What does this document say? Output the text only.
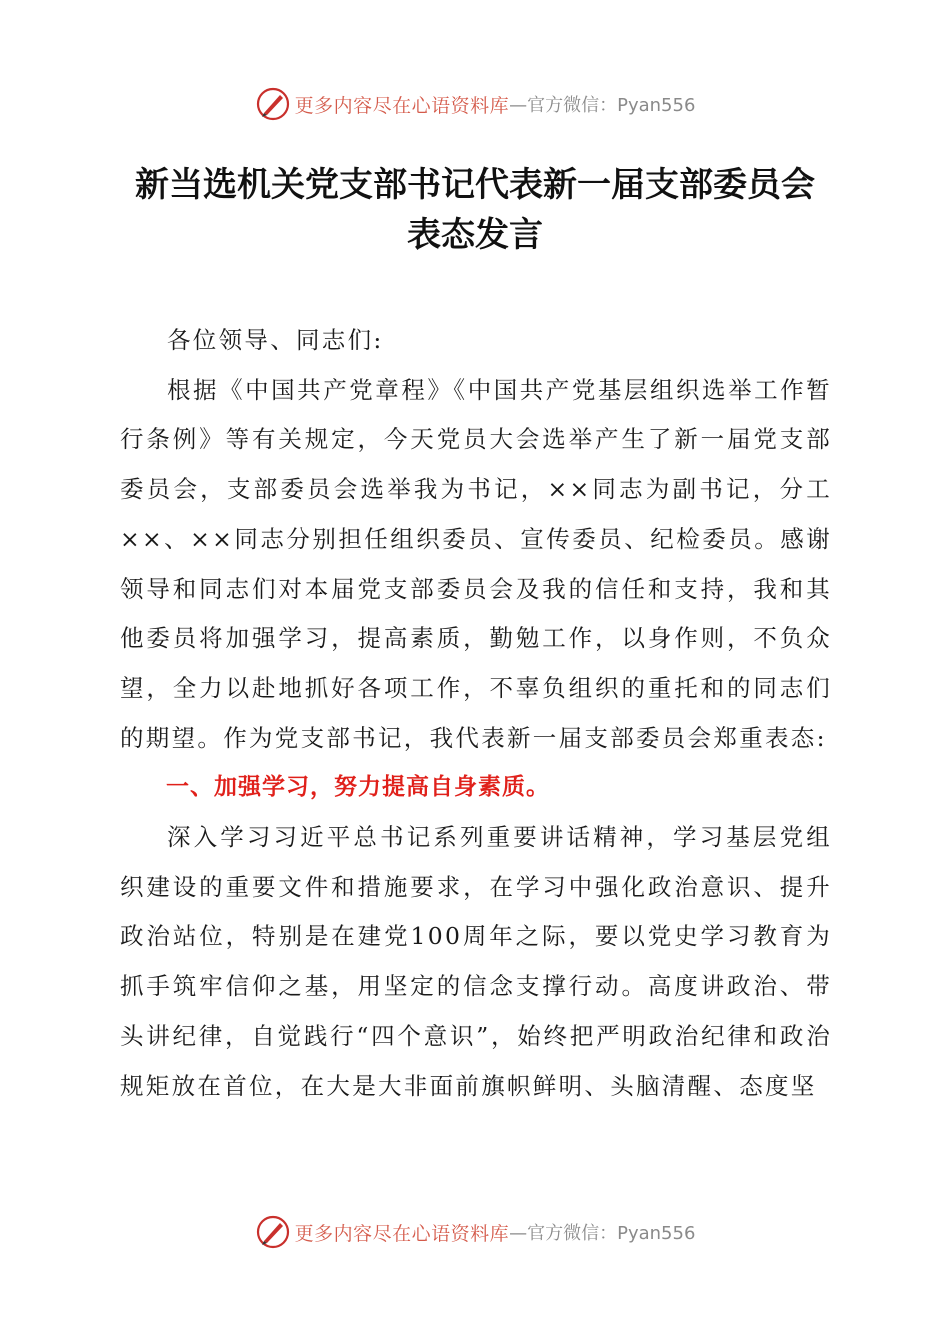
更多内容尽在心语资料库 —官方微信：Pyan556
新当选机关党支部书记代表新一届支部委员会
表态发言

各位领导、同志们:

根据《中国共产党章程》《中国共产党基层组织选举工作暂行条例》等有关规定，今天党员大会选举产生了新一届党支部委员会，支部委员会选举我为书记，××同志为副书记，分工××、××同志分别担任组织委员、宣传委员、纪检委员。感谢领导和同志们对本届党支部委员会及我的信任和支持，我和其他委员将加强学习，提高素质，勤勉工作，以身作则，不负众望，全力以赴地抓好各项工作，不辜负组织的重托和的同志们的期望。作为党支部书记，我代表新一届支部委员会郑重表态:

一、加强学习，努力提高自身素质。

深入学习习近平总书记系列重要讲话精神，学习基层党组织建设的重要文件和措施要求，在学习中强化政治意识、提升政治站位，特别是在建党100周年之际，要以党史学习教育为抓手筑牢信仰之基，用坚定的信念支撑行动。高度讲政治、带头讲纪律，自觉践行“四个意识”，始终把严明政治纪律和政治规矩放在首位，在大是大非面前旗帜鲜明、头脑清醒、态度坚

更多内容尽在心语资料库 —官方微信：Pyan556
